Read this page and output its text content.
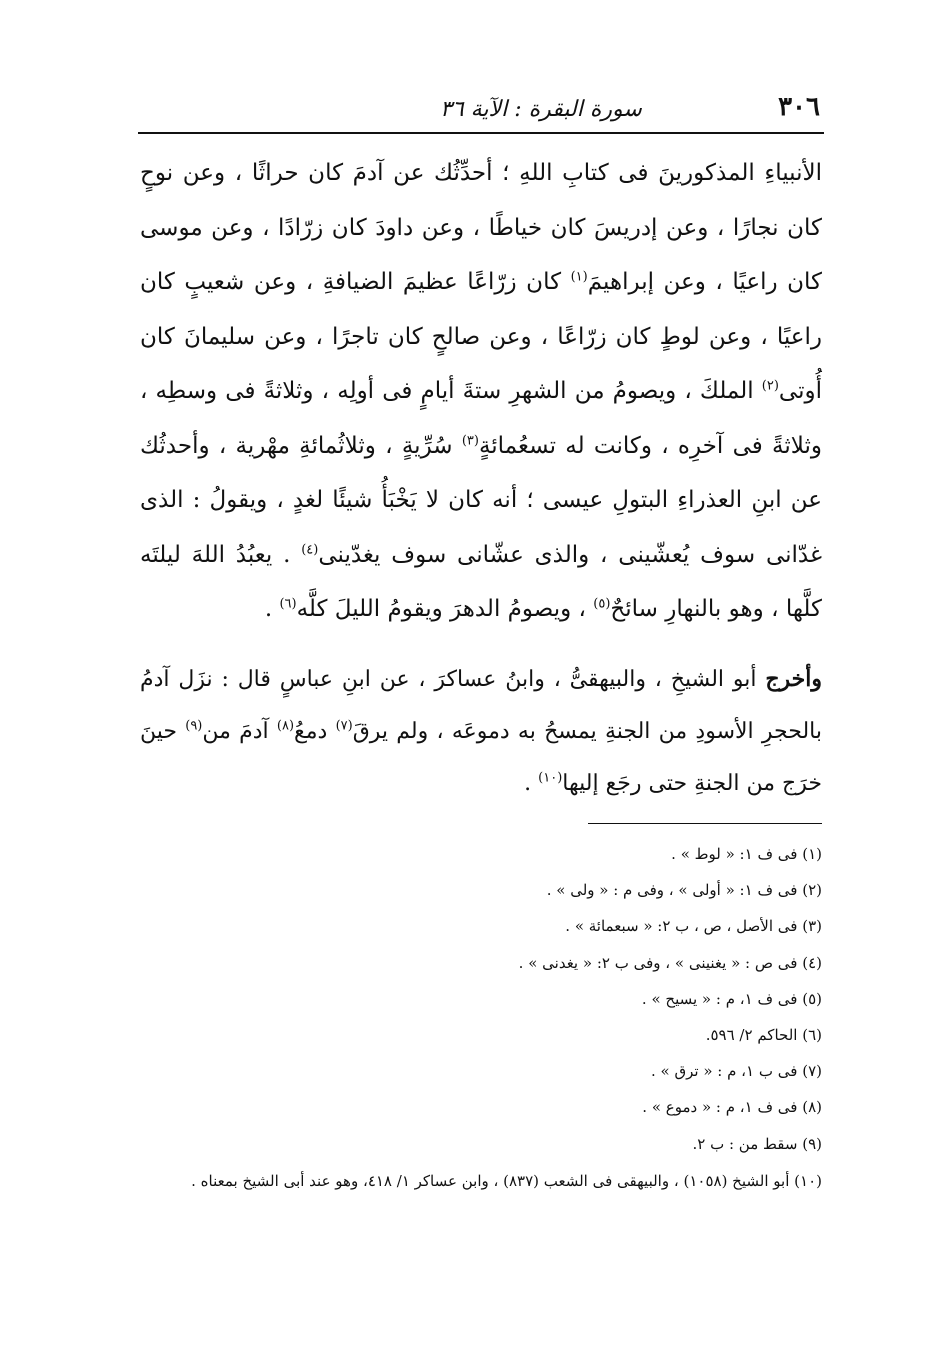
٣٠٦
سورة البقرة : الآية ٣٦

الأنبياءِ المذكورينَ فى كتابِ اللهِ ؛ أحدِّثُك عن آدمَ كان حراثًا ، وعن نوحٍ كان نجارًا ، وعن إدريسَ كان خياطًا ، وعن داودَ كان زرّادًا ، وعن موسى كان راعيًا ، وعن إبراهيمَ$^{(١)}$ كان زرّاعًا عظيمَ الضيافةِ ، وعن شعيبٍ كان راعيًا ، وعن لوطٍ كان زرّاعًا ، وعن صالحٍ كان تاجرًا ، وعن سليمانَ كان أُوتى$^{(٢)}$ الملكَ ، ويصومُ من الشهرِ ستةَ أيامٍ فى أولِه ، وثلاثةً فى وسطِه ، وثلاثةً فى آخرِه ، وكانت له تسعُمائةٍ$^{(٣)}$ سُرِّيةٍ ، وثلاثُمائةِ مهْرية ، وأحدثُك عن ابنِ العذراءِ البتولِ عيسى ؛ أنه كان لا يَخْبَأُ شيئًا لغدٍ ، ويقولُ : الذى غدّانى سوف يُعشّينى ، والذى عشّانى سوف يغدّينى$^{(٤)}$ . يعبُدُ اللهَ ليلتَه كلَّها ، وهو بالنهارِ سائحٌ$^{(٥)}$ ، ويصومُ الدهرَ ويقومُ الليلَ كلَّه$^{(٦)}$ .

وأخرج أبو الشيخِ ، والبيهقىُّ ، وابنُ عساكرَ ، عن ابنِ عباسٍ قال : نزَل آدمُ بالحجرِ الأسودِ من الجنةِ يمسحُ به دموعَه ، ولم يرقَ$^{(٧)}$ دمعُ$^{(٨)}$ آدمَ من$^{(٩)}$ حينَ خرَج من الجنةِ حتى رجَع إليها$^{(١٠)}$ .

(١) فى ف ١: « لوط » .
(٢) فى ف ١: « أولى » ، وفى م : « ولى » .
(٣) فى الأصل ، ص ، ب ٢: « سبعمائة » .
(٤) فى ص : « يغنينى » ، وفى ب ٢: « يغدنى » .
(٥) فى ف ١، م : « يسيح » .
(٦) الحاكم ٢/ ٥٩٦.
(٧) فى ب ١، م : « ترق » .
(٨) فى ف ١، م : « دموع » .
(٩) سقط من : ب ٢.
(١٠) أبو الشيخ (١٠٥٨) ، والبيهقى فى الشعب (٨٣٧) ، وابن عساكر ١/ ٤١٨، وهو عند أبى الشيخ بمعناه .
